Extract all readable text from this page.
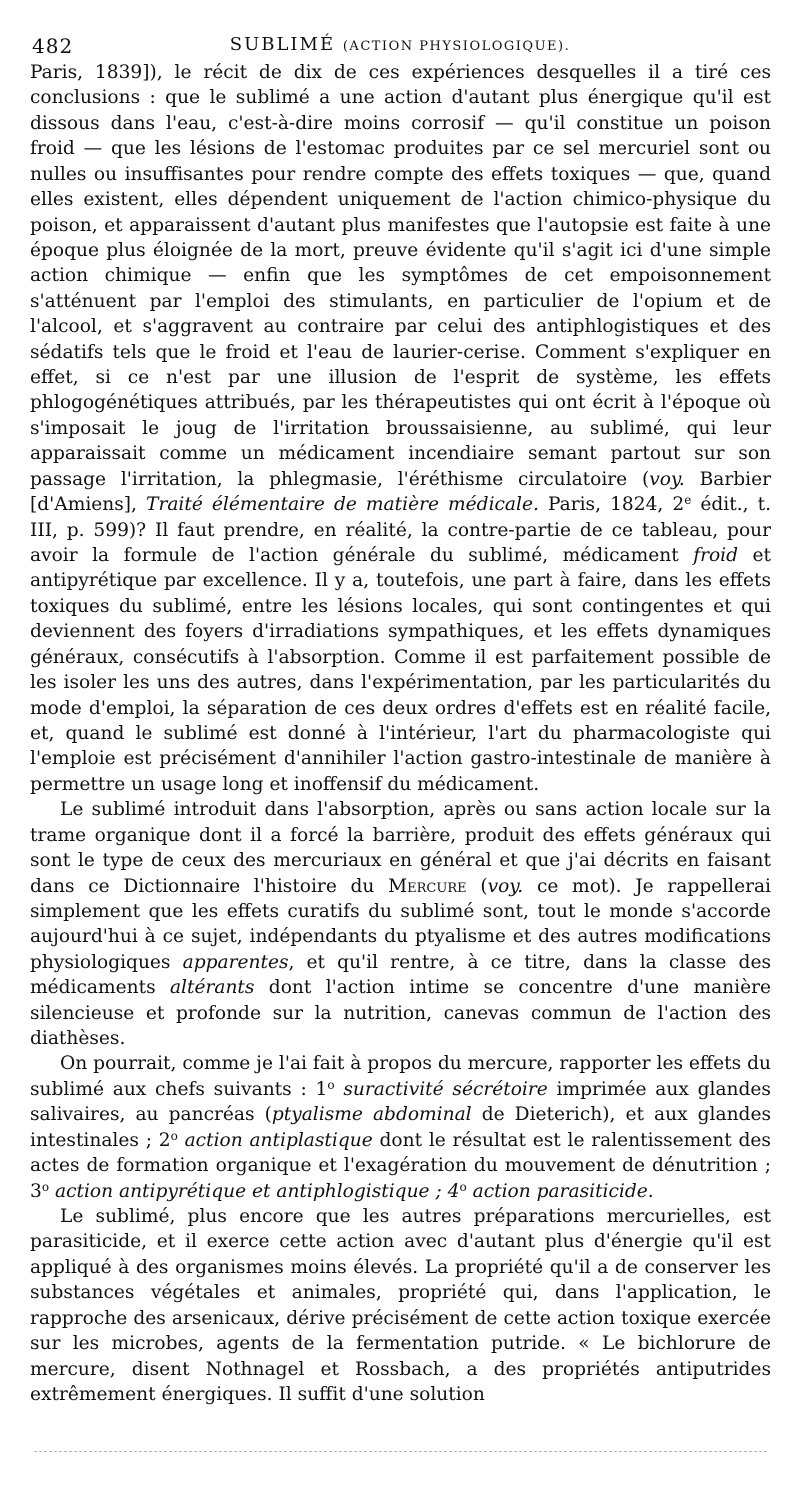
482	SUBLIMÉ (ACTION PHYSIOLOGIQUE).

Paris, 1839]), le récit de dix de ces expériences desquelles il a tiré ces conclusions : que le sublimé a une action d'autant plus énergique qu'il est dissous dans l'eau, c'est-à-dire moins corrosif — qu'il constitue un poison froid — que les lésions de l'estomac produites par ce sel mercuriel sont ou nulles ou insuffisantes pour rendre compte des effets toxiques — que, quand elles existent, elles dépendent uniquement de l'action chimico-physique du poison, et apparaissent d'autant plus manifestes que l'autopsie est faite à une époque plus éloignée de la mort, preuve évidente qu'il s'agit ici d'une simple action chimique — enfin que les symptômes de cet empoisonnement s'atténuent par l'emploi des stimulants, en particulier de l'opium et de l'alcool, et s'aggravent au contraire par celui des antiphlogistiques et des sédatifs tels que le froid et l'eau de laurier-cerise. Comment s'expliquer en effet, si ce n'est par une illusion de l'esprit de système, les effets phlogogénétiques attribués, par les thérapeutistes qui ont écrit à l'époque où s'imposait le joug de l'irritation broussaisienne, au sublimé, qui leur apparaissait comme un médicament incendiaire semant partout sur son passage l'irritation, la phlegmasie, l'éréthisme circulatoire (voy. Barbier [d'Amiens], Traité élémentaire de matière médicale. Paris, 1824, 2e édit., t. III, p. 599)? Il faut prendre, en réalité, la contre-partie de ce tableau, pour avoir la formule de l'action générale du sublimé, médicament froid et antipyrétique par excellence. Il y a, toutefois, une part à faire, dans les effets toxiques du sublimé, entre les lésions locales, qui sont contingentes et qui deviennent des foyers d'irradiations sympathiques, et les effets dynamiques généraux, consécutifs à l'absorption. Comme il est parfaitement possible de les isoler les uns des autres, dans l'expérimentation, par les particularités du mode d'emploi, la séparation de ces deux ordres d'effets est en réalité facile, et, quand le sublimé est donné à l'intérieur, l'art du pharmacologiste qui l'emploie est précisément d'annihiler l'action gastro-intestinale de manière à permettre un usage long et inoffensif du médicament.

Le sublimé introduit dans l'absorption, après ou sans action locale sur la trame organique dont il a forcé la barrière, produit des effets généraux qui sont le type de ceux des mercuriaux en général et que j'ai décrits en faisant dans ce Dictionnaire l'histoire du Mercure (voy. ce mot). Je rappellerai simplement que les effets curatifs du sublimé sont, tout le monde s'accorde aujourd'hui à ce sujet, indépendants du ptyalisme et des autres modifications physiologiques apparentes, et qu'il rentre, à ce titre, dans la classe des médicaments altérants dont l'action intime se concentre d'une manière silencieuse et profonde sur la nutrition, canevas commun de l'action des diathèses.

On pourrait, comme je l'ai fait à propos du mercure, rapporter les effets du sublimé aux chefs suivants : 1$^o$ suractivité sécrétoire imprimée aux glandes salivaires, au pancréas (ptyalisme abdominal de Dieterich), et aux glandes intestinales ; 2$^o$ action antiplastique dont le résultat est le ralentissement des actes de formation organique et l'exagération du mouvement de dénutrition ; 3$^o$ action antipyrétique et antiphlogistique ; 4$^o$ action parasiticide.

Le sublimé, plus encore que les autres préparations mercurielles, est parasiticide, et il exerce cette action avec d'autant plus d'énergie qu'il est appliqué à des organismes moins élevés. La propriété qu'il a de conserver les substances végétales et animales, propriété qui, dans l'application, le rapproche des arsenicaux, dérive précisément de cette action toxique exercée sur les microbes, agents de la fermentation putride. « Le bichlorure de mercure, disent Nothnagel et Rossbach, a des propriétés antiputrides extrêmement énergiques. Il suffit d'une solution
